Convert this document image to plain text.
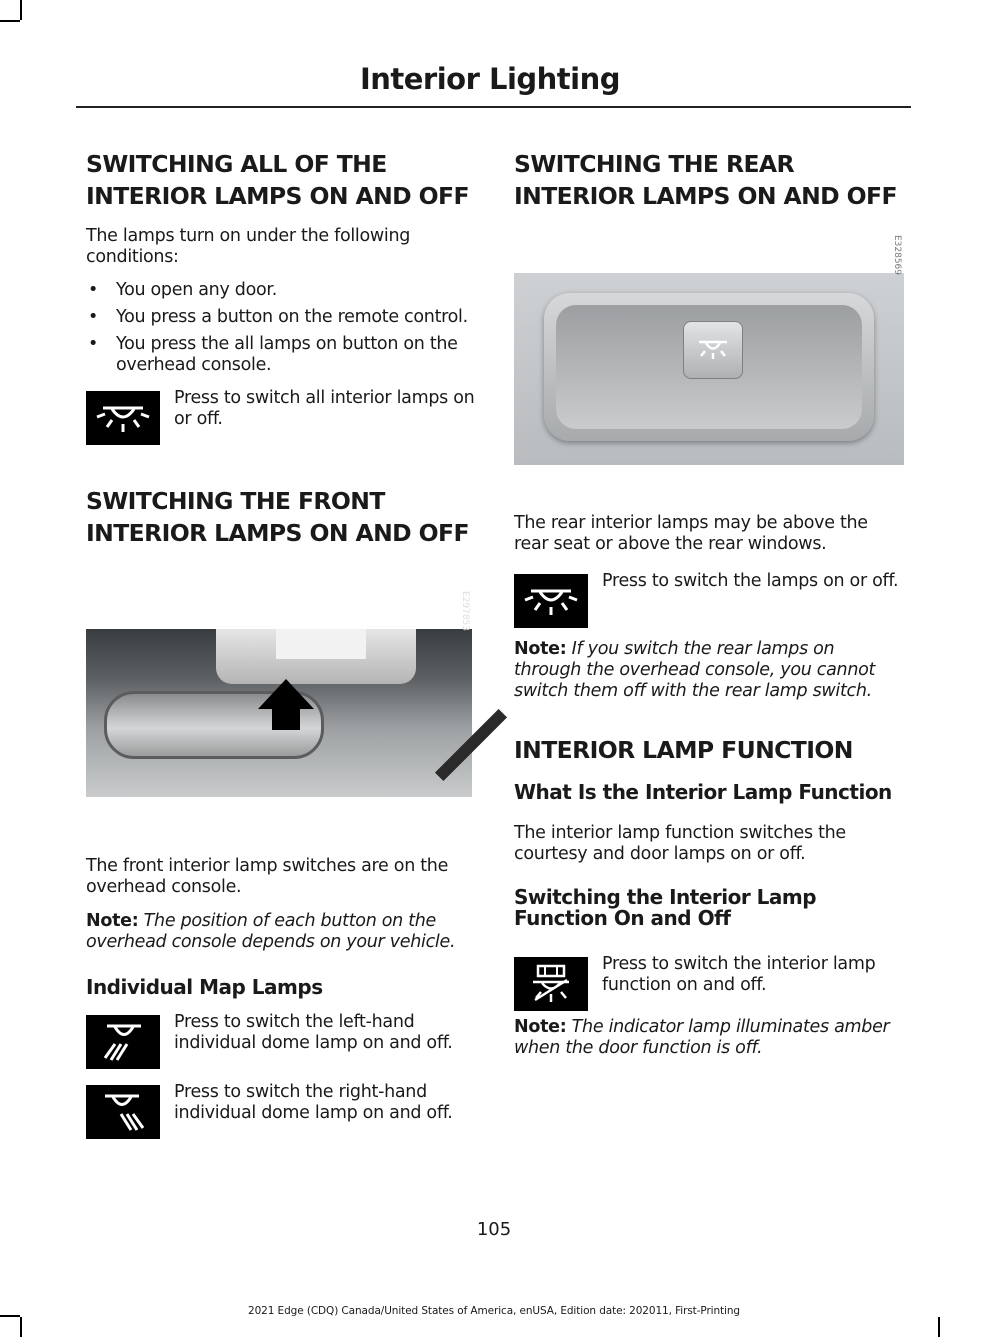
Interior Lighting
SWITCHING ALL OF THE
INTERIOR LAMPS ON AND OFF

The lamps turn on under the following conditions:

• You open any door.
• You press a button on the remote control.
• You press the all lamps on button on the overhead console.

Press to switch all interior lamps on or off.

SWITCHING THE FRONT
INTERIOR LAMPS ON AND OFF
E297853

The front interior lamp switches are on the overhead console.

Note: The position of each button on the overhead console depends on your vehicle.

Individual Map Lamps

Press to switch the left-hand individual dome lamp on and off.

Press to switch the right-hand individual dome lamp on and off.

SWITCHING THE REAR
INTERIOR LAMPS ON AND OFF
E328569

The rear interior lamps may be above the rear seat or above the rear windows.

Press to switch the lamps on or off.

Note: If you switch the rear lamps on through the overhead console, you cannot switch them off with the rear lamp switch.

INTERIOR LAMP FUNCTION
What Is the Interior Lamp Function

The interior lamp function switches the courtesy and door lamps on or off.

Switching the Interior Lamp Function On and Off

Press to switch the interior lamp function on and off.

Note: The indicator lamp illuminates amber when the door function is off.

105
2021 Edge (CDQ) Canada/United States of America, enUSA, Edition date: 202011, First-Printing
